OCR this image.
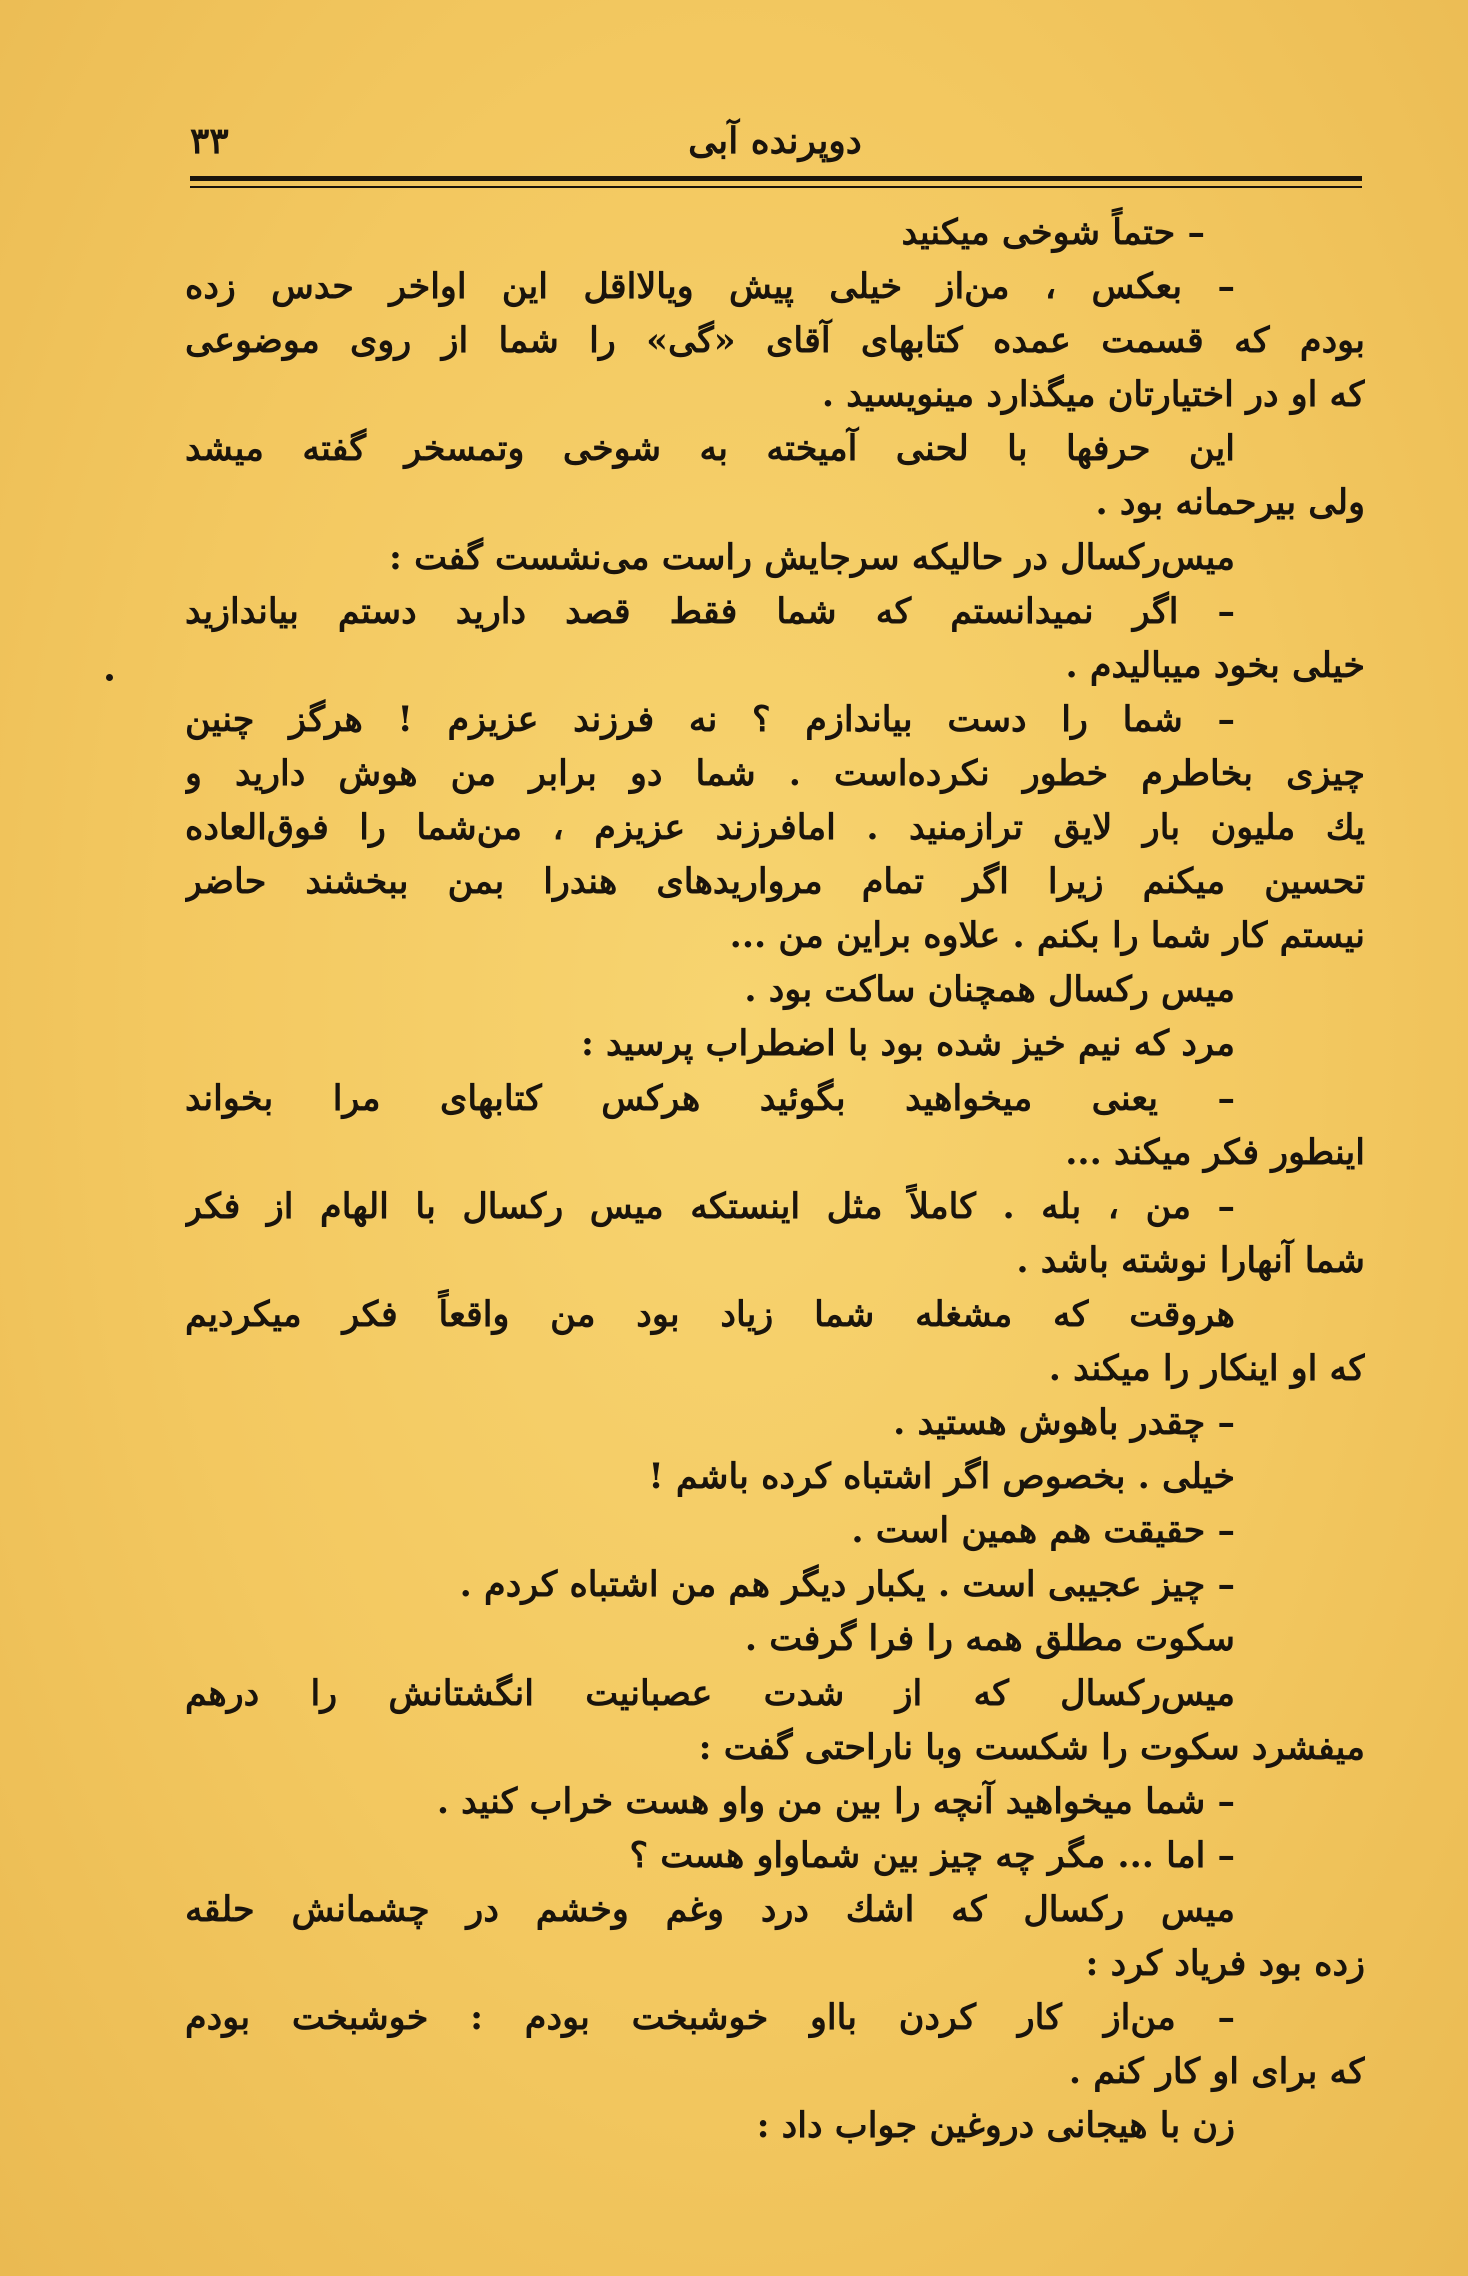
دوپرنده آبی
۳۳
– حتماً شوخی میکنید
– بعکس ، من‌از خیلی پیش ویالااقل این اواخر حدس زده
بودم که قسمت عمده کتابهای آقای «گی» را شما از روی موضوعی
که او در اختیارتان میگذارد مینویسید .
این حرفها با لحنی آمیخته به شوخی وتمسخر گفته میشد
ولی بیرحمانه بود .
میس‌رکسال در حالیکه سرجایش راست می‌نشست گفت :
– اگر نمیدانستم که شما فقط قصد دارید دستم بیاندازید
خیلی بخود میبالیدم .
– شما را دست بیاندازم ؟ نه فرزند عزیزم ! هرگز چنین
چیزی بخاطرم خطور نکرده‌است . شما دو برابر من هوش دارید و
یك ملیون بار لایق ترازمنید . امافرزند عزیزم ، من‌شما را فوق‌العاده
تحسین میکنم زیرا اگر تمام مرواریدهای هندرا بمن ببخشند حاضر
نیستم کار شما را بکنم . علاوه براین من ...
میس رکسال همچنان ساکت بود .
مرد که نیم خیز شده بود با اضطراب پرسید :
– یعنی میخواهید بگوئید هرکس کتابهای مرا بخواند
اینطور فکر میکند ...
– من ، بله . کاملاً مثل اینستکه میس رکسال با الهام از فکر
شما آنهارا نوشته باشد .
هروقت که مشغله شما زیاد بود من واقعاً فکر میکردیم
که او اینکار را میکند .
– چقدر باهوش هستید .
خیلی . بخصوص اگر اشتباه کرده باشم !
– حقیقت هم همین است .
– چیز عجیبی است . یکبار دیگر هم من اشتباه کردم .
سکوت مطلق همه را فرا گرفت .
میس‌رکسال که از شدت عصبانیت انگشتانش را درهم
میفشرد سکوت را شکست وبا ناراحتی گفت :
– شما میخواهید آنچه را بین من واو هست خراب کنید .
– اما ... مگر چه چیز بین شماواو هست ؟
میس رکسال که اشك درد وغم وخشم در چشمانش حلقه
زده بود فریاد کرد :
– من‌از کار کردن بااو خوشبخت بودم : خوشبخت بودم
که برای او کار کنم .
زن با هیجانی دروغین جواب داد :
